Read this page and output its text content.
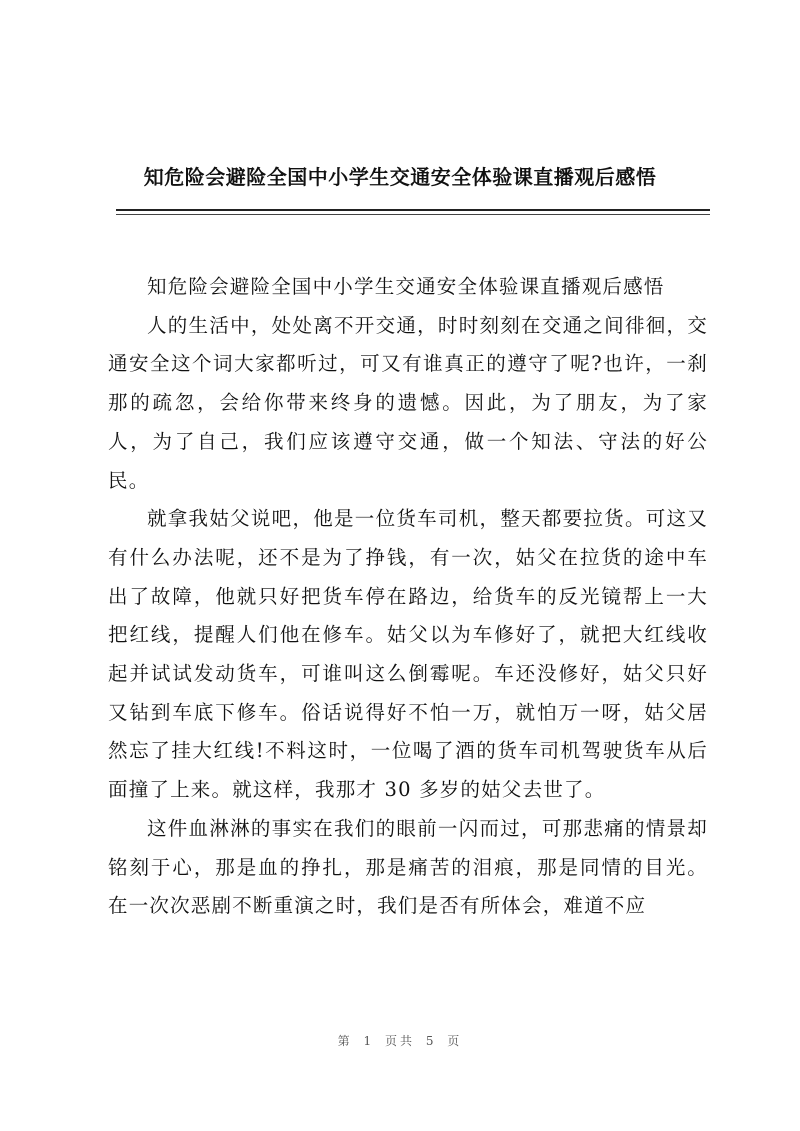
知危险会避险全国中小学生交通安全体验课直播观后感悟

知危险会避险全国中小学生交通安全体验课直播观后感悟

人的生活中，处处离不开交通，时时刻刻在交通之间徘徊，交通安全这个词大家都听过，可又有谁真正的遵守了呢?也许，一刹那的疏忽，会给你带来终身的遗憾。因此，为了朋友，为了家人，为了自己，我们应该遵守交通，做一个知法、守法的好公民。

就拿我姑父说吧，他是一位货车司机，整天都要拉货。可这又有什么办法呢，还不是为了挣钱，有一次，姑父在拉货的途中车出了故障，他就只好把货车停在路边，给货车的反光镜帮上一大把红线，提醒人们他在修车。姑父以为车修好了，就把大红线收起并试试发动货车，可谁叫这么倒霉呢。车还没修好，姑父只好又钻到车底下修车。俗话说得好不怕一万，就怕万一呀，姑父居然忘了挂大红线!不料这时，一位喝了酒的货车司机驾驶货车从后面撞了上来。就这样，我那才 30 多岁的姑父去世了。

这件血淋淋的事实在我们的眼前一闪而过，可那悲痛的情景却铭刻于心，那是血的挣扎，那是痛苦的泪痕，那是同情的目光。在一次次恶剧不断重演之时，我们是否有所体会，难道不应

第 1 页共 5 页
